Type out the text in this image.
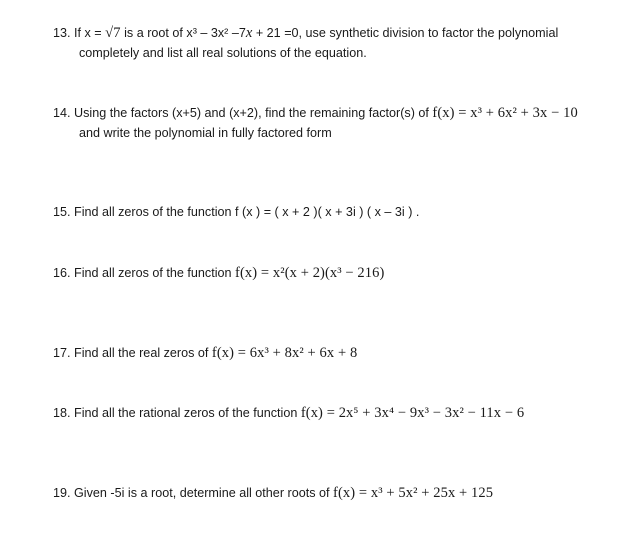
13. If x = √7 is a root of x³ – 3x² –7x + 21 =0, use synthetic division to factor the polynomial
completely and list all real solutions of the equation.
14. Using the factors (x+5) and (x+2), find the remaining factor(s) of f(x) = x³ + 6x² + 3x − 10
and write the polynomial in fully factored form
15. Find all zeros of the function f (x ) = ( x + 2 )( x + 3i ) ( x – 3i ) .
16. Find all zeros of the function f(x) = x²(x + 2)(x³ − 216)
17. Find all the real zeros of f(x) = 6x³ + 8x² + 6x + 8
18. Find all the rational zeros of the function f(x) = 2x⁵ + 3x⁴ − 9x³ − 3x² − 11x − 6
19. Given -5i is a root, determine all other roots of f(x) = x³ + 5x² + 25x + 125
